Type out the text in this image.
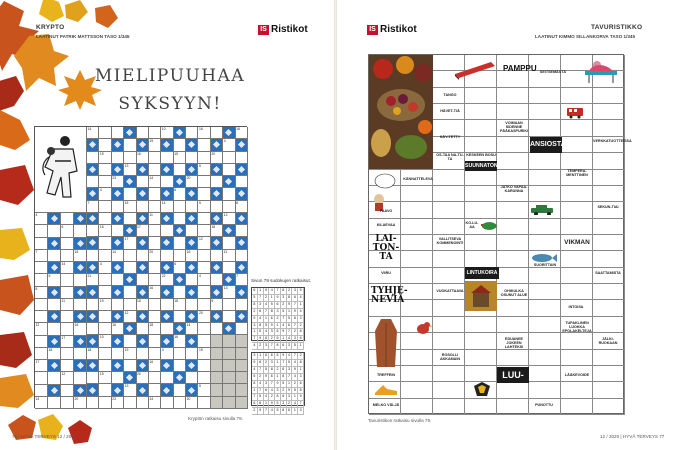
KRYPTO
LAATINUT PATRIK MATTSSON TASO 1/345
MIELIPUUHAA
SYKSYYN!
14	10	16	18
19	4
19	16	15	20
13	5
23	14	20
4	6
7	15	14	5	8
11	12
16	17	18
17	12
14	20	16	11
4	6
21	22	4	7
16	13
19	15	18	5
12	20
16	18	14
10	16
18	19	4	19
16
15	20
13	5
23	14	20
4
6
7	15
14
5
8
11
12	16
17
18
17
12
14	20
Sivun 79 sudokujen ratkaisut.
6	1	9	4	7	8	2	3	5
5	7	2	1	9	3	8	6	4
8	3	4	5	6	2	9	7	1
2	6	7	8	3	5	1	9	4
9	4	1	6	2	7	5	8	3
3	8	5	9	1	4	6	7	2
1	5	4	3	6	9	7	2	8
7	9	8	2	5	1	4	3	6
4	2	3	7	8	6	3	5	1
3	1	8	6	5	9	4	7	2
9	6	2	3	1	7	5	4	8
4	7	5	8	2	6	3	9	1
5	2	9	6	1	8	7	4	3
8	4	3	7	9	5	1	2	6
1	7	6	4	3	2	9	5	8
7	5	4	2	8	6	3	1	9
6	8	1	9	5	3	2	4	7
2	9	7	4	5	8	6	1	3
Kryptön ratkaisu sivulla 79.
76 | HYVÄ TERVEYS 12 / 2020
IS Ristikot	TAVURISTIKKO
LAATINUT KIMMO SILLANKORVA TASO 1/345
IS Ristikot
PAMPPU SEITSEMÄSTÄ
TANGO
HÄVET-TIÄ
VOIMAAN SIDENNE PÄÄKASPURIKI
KÄY-TETTY
ANSIOSTA	VERKKATUOTTEISSA
OS-TAA NA-TU-TA
KESKEEN BOSU
SUUNNATON
TEMPERA-MENTTINEN
KÄNNATTELEVA
JATKO VAPAA-KARUNNA
SEKUN-TIAI
PAAVO
KILAEVAA	KO-LU-AA
LAI-TON-TA
VALLITSEVA KOMMENOINTI	VIKMAN
SUORITTAIN
VIIRU	LINTUKOIRA	SAATTAMISTA
TYHJE-NEVIÄ
VUOKATTAAVA	OHIKULKA OSUNUT ALUE
INTOISA
TUPAKLINEN LUOKKA EPOLAKELTEJA
EDUANEE JOKEEN LAHTEKSI
JÄLKI-RUOKAAN
ROSOLLI AKKAMAIN
LUU-
TREFFEIN	LÄÄKEVOIDE
MELKO VÄLJÄ	PUNOTTU
Tavuristikon ratkaisu sivulla 79.
12 / 2020 | HYVÄ TERVEYS 77
